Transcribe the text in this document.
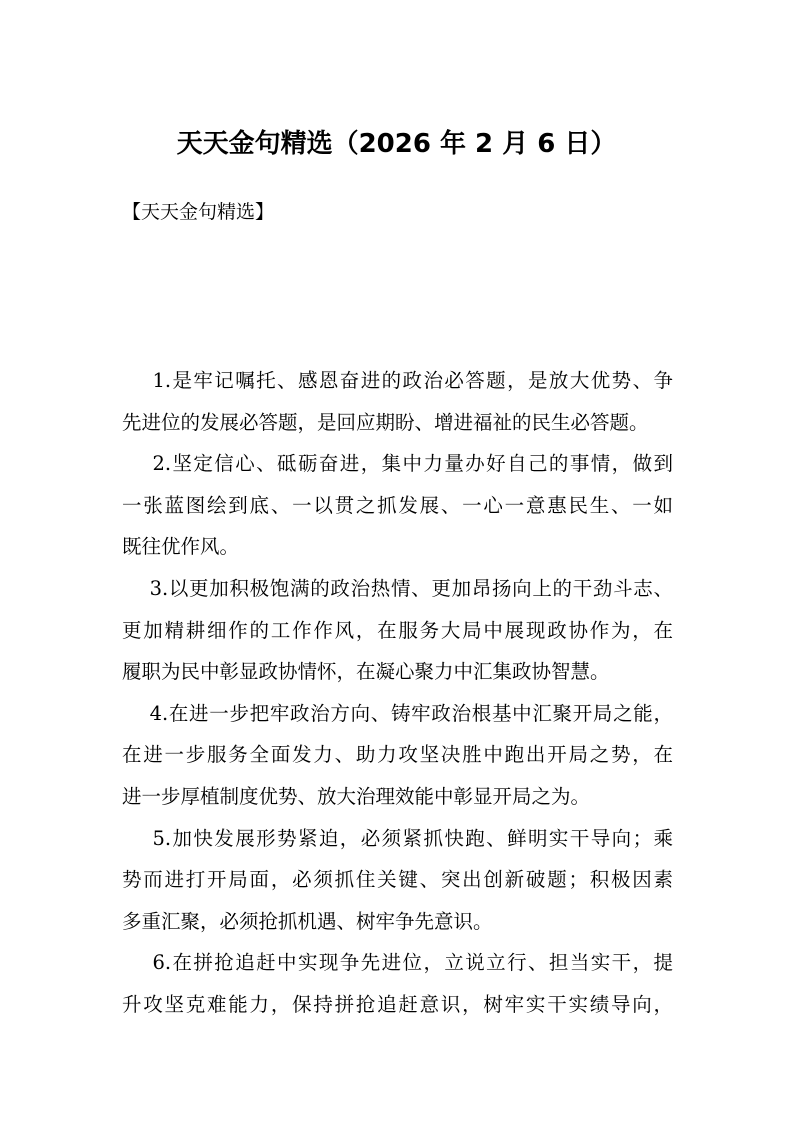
天天金句精选（2026 年 2 月 6 日）
【天天金句精选】
1.是牢记嘱托、感恩奋进的政治必答题，是放大优势、争
先进位的发展必答题，是回应期盼、增进福祉的民生必答题。
2.坚定信心、砥砺奋进，集中力量办好自己的事情，做到
一张蓝图绘到底、一以贯之抓发展、一心一意惠民生、一如
既往优作风。
3.以更加积极饱满的政治热情、更加昂扬向上的干劲斗志、
更加精耕细作的工作作风，在服务大局中展现政协作为，在
履职为民中彰显政协情怀，在凝心聚力中汇集政协智慧。
4.在进一步把牢政治方向、铸牢政治根基中汇聚开局之能，
在进一步服务全面发力、助力攻坚决胜中跑出开局之势，在
进一步厚植制度优势、放大治理效能中彰显开局之为。
5.加快发展形势紧迫，必须紧抓快跑、鲜明实干导向；乘
势而进打开局面，必须抓住关键、突出创新破题；积极因素
多重汇聚，必须抢抓机遇、树牢争先意识。
6.在拼抢追赶中实现争先进位，立说立行、担当实干，提
升攻坚克难能力，保持拼抢追赶意识，树牢实干实绩导向，
